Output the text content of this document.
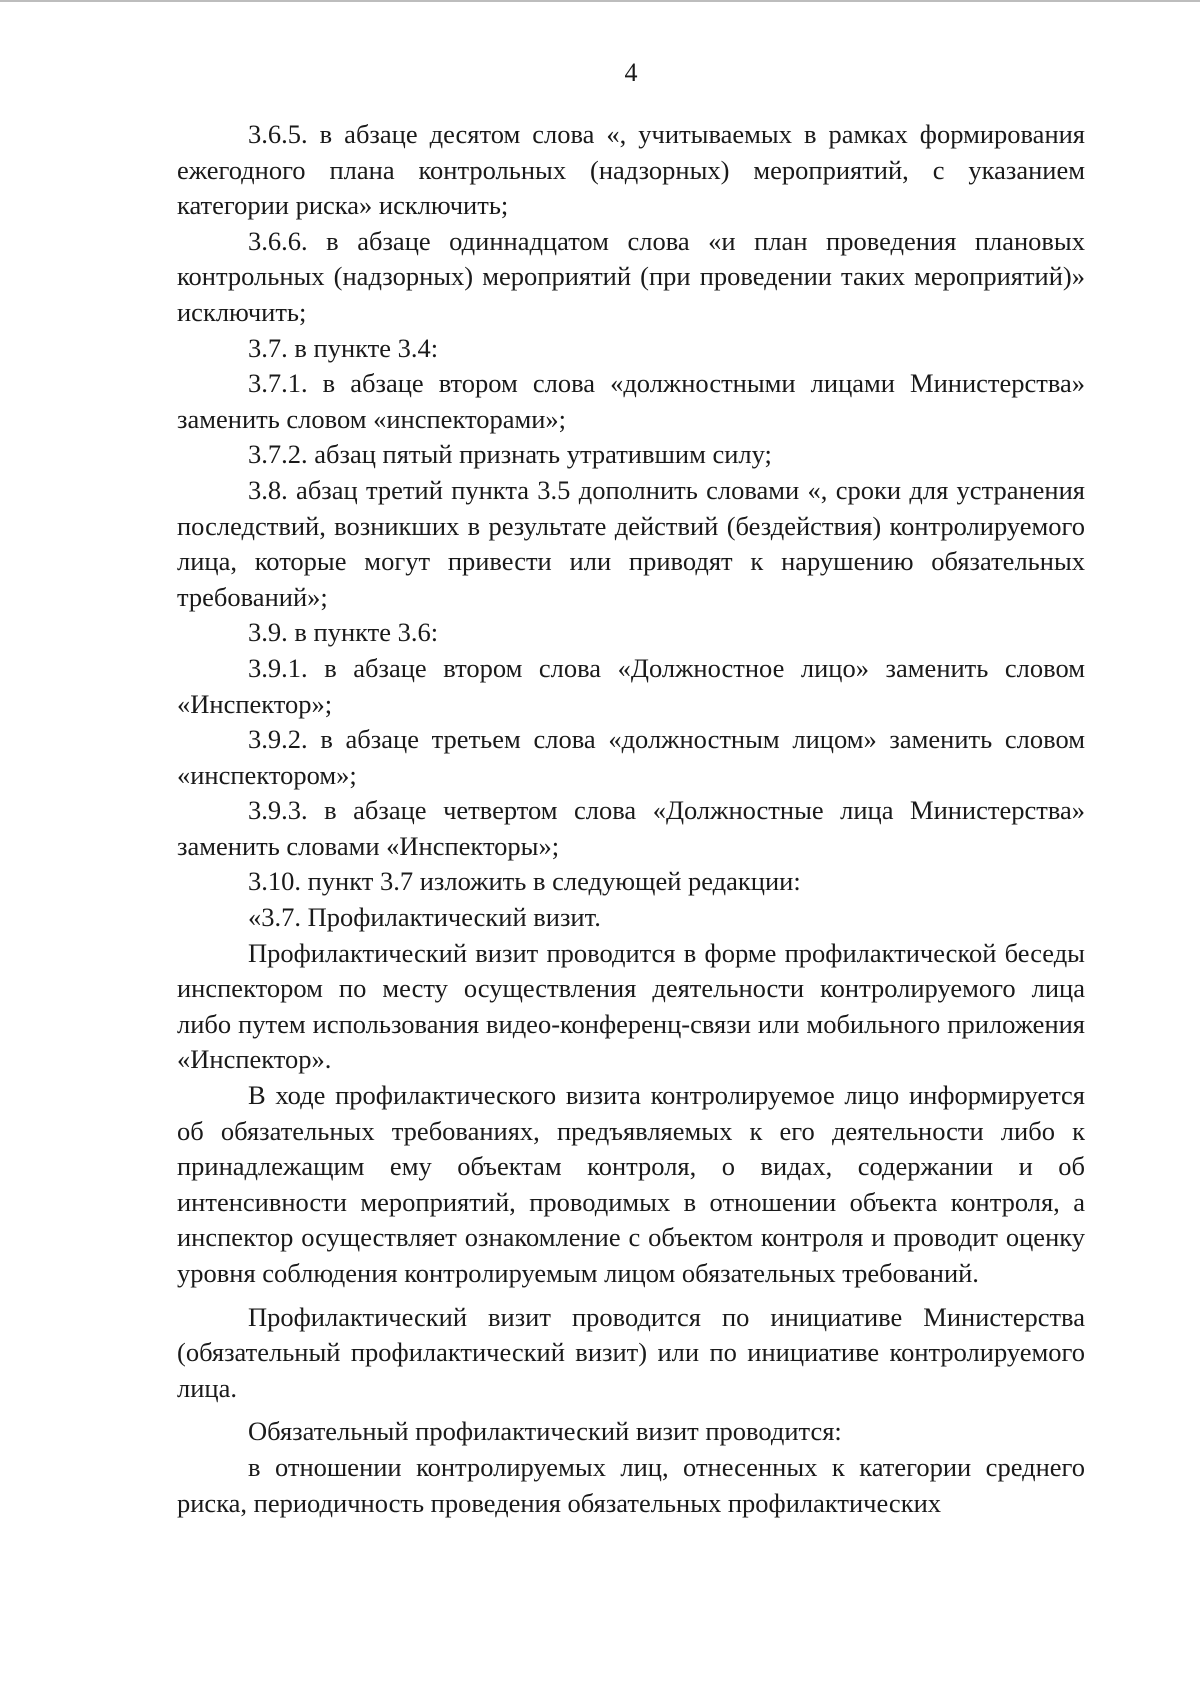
4

3.6.5. в абзаце десятом слова «, учитываемых в рамках формирования ежегодного плана контрольных (надзорных) мероприятий, с указанием категории риска» исключить;

3.6.6. в абзаце одиннадцатом слова «и план проведения плановых контрольных (надзорных) мероприятий (при проведении таких мероприятий)» исключить;

3.7. в пункте 3.4:

3.7.1. в абзаце втором слова «должностными лицами Министерства» заменить словом «инспекторами»;

3.7.2. абзац пятый признать утратившим силу;

3.8. абзац третий пункта 3.5 дополнить словами «, сроки для устранения последствий, возникших в результате действий (бездействия) контролируемого лица, которые могут привести или приводят к нарушению обязательных требований»;

3.9. в пункте 3.6:

3.9.1. в абзаце втором слова «Должностное лицо» заменить словом «Инспектор»;

3.9.2. в абзаце третьем слова «должностным лицом» заменить словом «инспектором»;

3.9.3. в абзаце четвертом слова «Должностные лица Министерства» заменить словами «Инспекторы»;

3.10. пункт 3.7 изложить в следующей редакции:

«3.7. Профилактический визит.

Профилактический визит проводится в форме профилактической беседы инспектором по месту осуществления деятельности контролируемого лица либо путем использования видео-конференц-связи или мобильного приложения «Инспектор».

В ходе профилактического визита контролируемое лицо информируется об обязательных требованиях, предъявляемых к его деятельности либо к принадлежащим ему объектам контроля, о видах, содержании и об интенсивности мероприятий, проводимых в отношении объекта контроля, а инспектор осуществляет ознакомление с объектом контроля и проводит оценку уровня соблюдения контролируемым лицом обязательных требований.

Профилактический визит проводится по инициативе Министерства (обязательный профилактический визит) или по инициативе контролируемого лица.

Обязательный профилактический визит проводится:

в отношении контролируемых лиц, отнесенных к категории среднего риска, периодичность проведения обязательных профилактических
